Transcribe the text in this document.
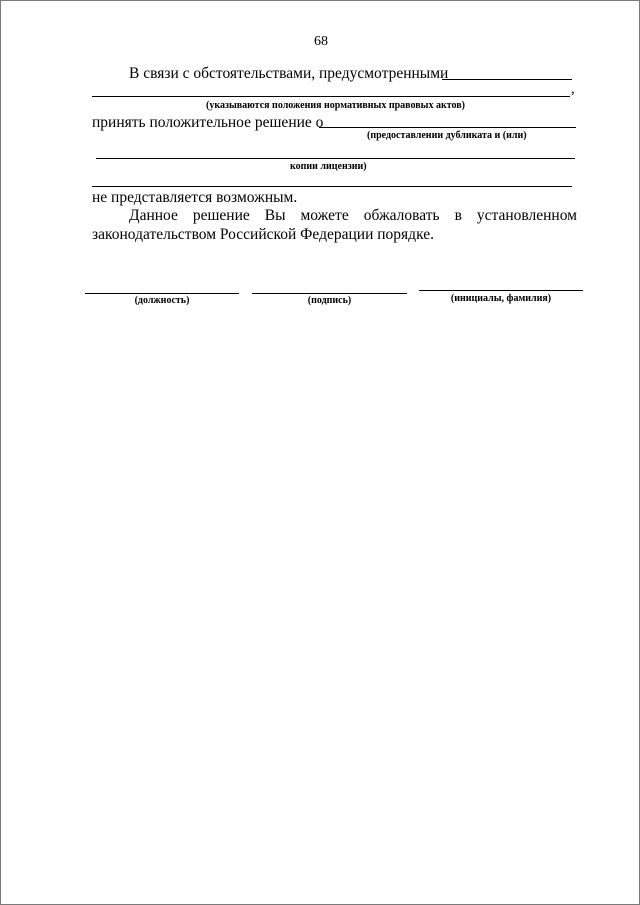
68
В связи с обстоятельствами, предусмотренными
,
(указываются положения нормативных правовых актов)
принять положительное решение о
(предоставлении дубликата и (или)
копии лицензии)
не представляется возможным.
Данное решение Вы можете обжаловать в установленном
законодательством Российской Федерации порядке.
(должность)	(подпись)	(инициалы, фамилия)
